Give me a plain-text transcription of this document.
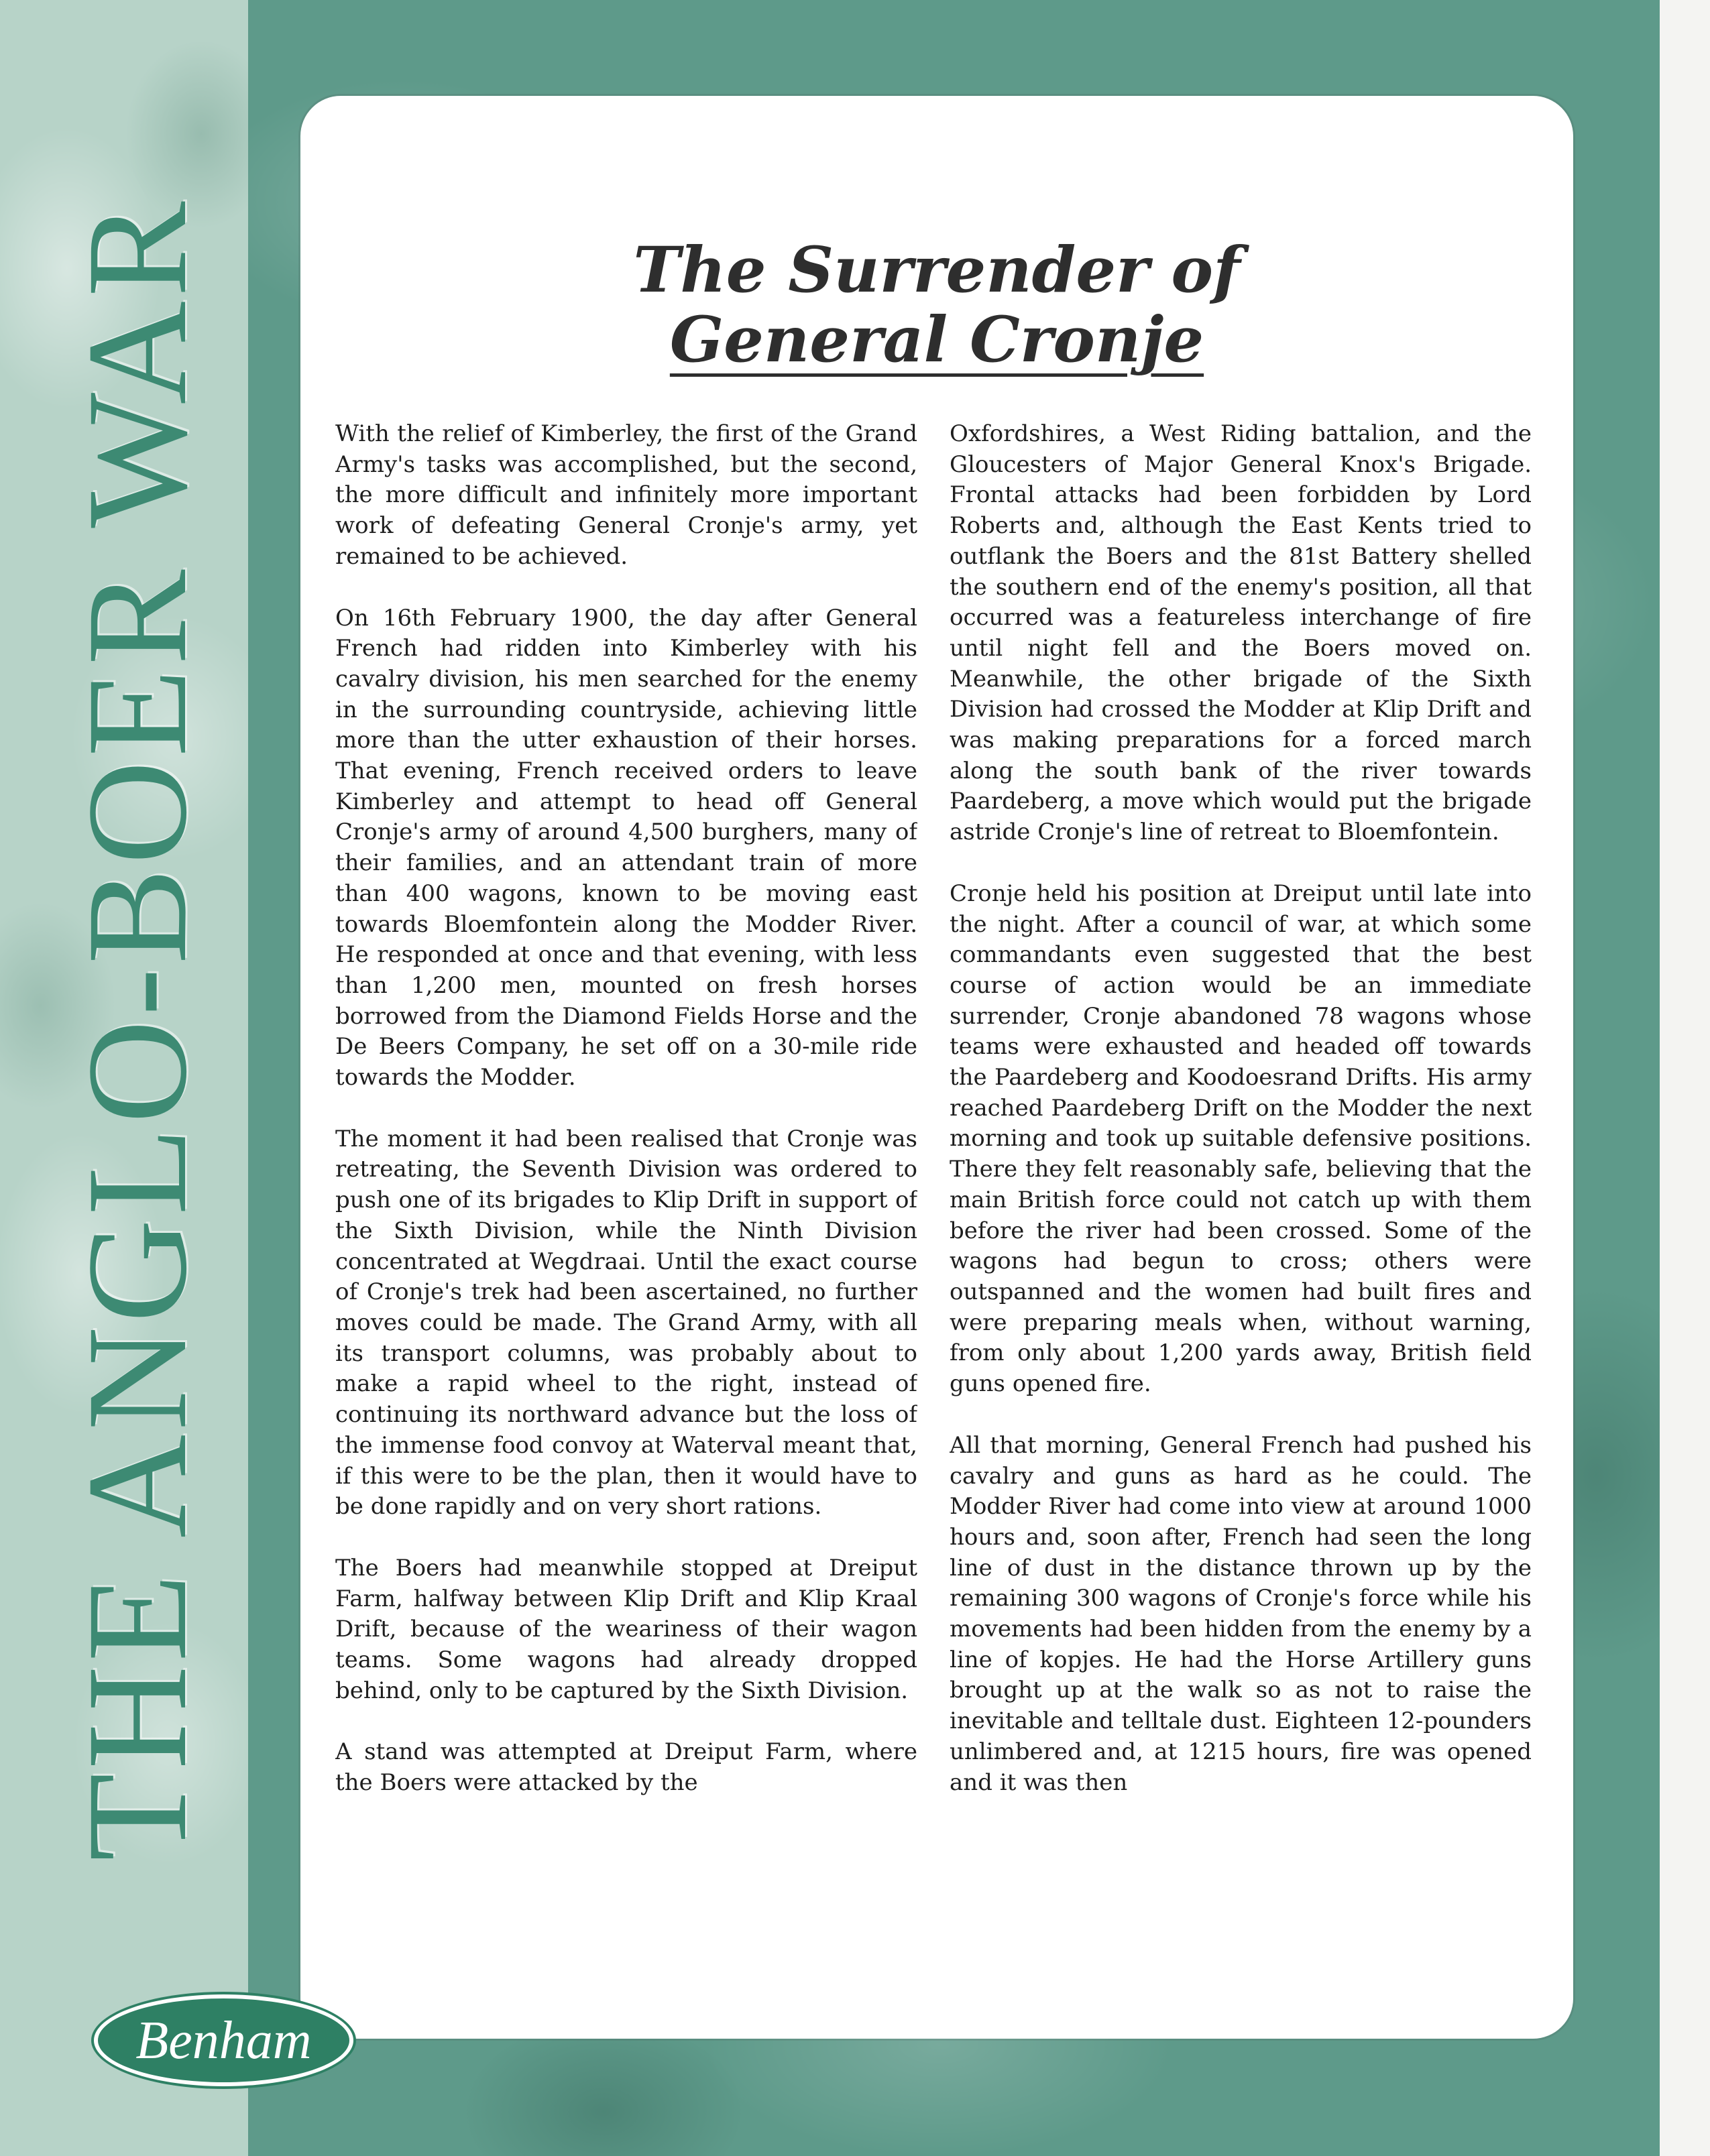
THE ANGLO-BOER WAR	The Surrender of
General Cronje

With the relief of Kimberley, the first of the Grand Army's tasks was accomplished, but the second, the more difficult and infinitely more important work of defeating General Cronje's army, yet remained to be achieved.

On 16th February 1900, the day after General French had ridden into Kimberley with his cavalry division, his men searched for the enemy in the surrounding countryside, achieving little more than the utter exhaustion of their horses. That evening, French received orders to leave Kimberley and attempt to head off General Cronje's army of around 4,500 burghers, many of their families, and an attendant train of more than 400 wagons, known to be moving east towards Bloemfontein along the Modder River. He responded at once and that evening, with less than 1,200 men, mounted on fresh horses borrowed from the Diamond Fields Horse and the De Beers Company, he set off on a 30-mile ride towards the Modder.

The moment it had been realised that Cronje was retreating, the Seventh Division was ordered to push one of its brigades to Klip Drift in support of the Sixth Division, while the Ninth Division concentrated at Wegdraai. Until the exact course of Cronje's trek had been ascertained, no further moves could be made. The Grand Army, with all its transport columns, was probably about to make a rapid wheel to the right, instead of continuing its northward advance but the loss of the immense food convoy at Waterval meant that, if this were to be the plan, then it would have to be done rapidly and on very short rations.

The Boers had meanwhile stopped at Dreiput Farm, halfway between Klip Drift and Klip Kraal Drift, because of the weariness of their wagon teams. Some wagons had already dropped behind, only to be captured by the Sixth Division.

A stand was attempted at Dreiput Farm, where the Boers were attacked by the

Oxfordshires, a West Riding battalion, and the Gloucesters of Major General Knox's Brigade. Frontal attacks had been forbidden by Lord Roberts and, although the East Kents tried to outflank the Boers and the 81st Battery shelled the southern end of the enemy's position, all that occurred was a featureless interchange of fire until night fell and the Boers moved on. Meanwhile, the other brigade of the Sixth Division had crossed the Modder at Klip Drift and was making preparations for a forced march along the south bank of the river towards Paardeberg, a move which would put the brigade astride Cronje's line of retreat to Bloemfontein.

Cronje held his position at Dreiput until late into the night. After a council of war, at which some commandants even suggested that the best course of action would be an immediate surrender, Cronje abandoned 78 wagons whose teams were exhausted and headed off towards the Paardeberg and Koodoesrand Drifts. His army reached Paardeberg Drift on the Modder the next morning and took up suitable defensive positions. There they felt reasonably safe, believing that the main British force could not catch up with them before the river had been crossed. Some of the wagons had begun to cross; others were outspanned and the women had built fires and were preparing meals when, without warning, from only about 1,200 yards away, British field guns opened fire.

All that morning, General French had pushed his cavalry and guns as hard as he could. The Modder River had come into view at around 1000 hours and, soon after, French had seen the long line of dust in the distance thrown up by the remaining 300 wagons of Cronje's force while his movements had been hidden from the enemy by a line of kopjes. He had the Horse Artillery guns brought up at the walk so as not to raise the inevitable and telltale dust. Eighteen 12-pounders unlimbered and, at 1215 hours, fire was opened and it was then

Benham
